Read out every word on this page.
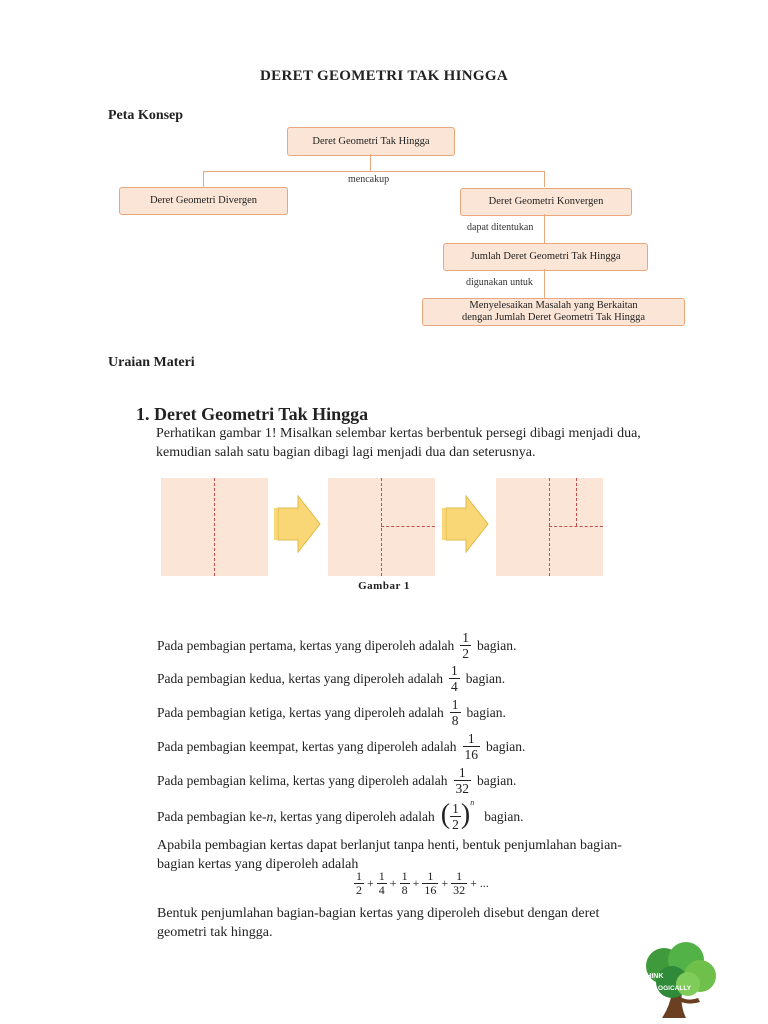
DERET GEOMETRI TAK HINGGA
Peta Konsep
Deret Geometri Tak Hingga
mencakup
Deret Geometri Divergen	Deret Geometri Konvergen
dapat ditentukan
Jumlah Deret Geometri Tak Hingga
digunakan untuk
Menyelesaikan Masalah yang Berkaitan
dengan Jumlah Deret Geometri Tak Hingga
Uraian Materi
1. Deret Geometri Tak Hingga
Perhatikan gambar 1! Misalkan selembar kertas berbentuk persegi dibagi menjadi dua,
kemudian salah satu bagian dibagi lagi menjadi dua dan seterusnya.
Gambar 1
Pada pembagian pertama, kertas yang diperoleh adalah $\frac{1}{2}$ bagian.
Pada pembagian kedua, kertas yang diperoleh adalah $\frac{1}{4}$ bagian.
Pada pembagian ketiga, kertas yang diperoleh adalah $\frac{1}{8}$ bagian.
Pada pembagian keempat, kertas yang diperoleh adalah $\frac{1}{16}$ bagian.
Pada pembagian kelima, kertas yang diperoleh adalah $\frac{1}{32}$ bagian.
Pada pembagian ke- n , kertas yang diperoleh adalah ( $\frac{1}{2}$ ) n
bagian.
Apabila pembagian kertas dapat berlanjut tanpa henti, bentuk penjumlahan bagian-
bagian kertas yang diperoleh adalah
$\frac{1}{2} + \frac{1}{4} + \frac{1}{8} + \frac{1}{16} + \frac{1}{32}$ + ...
Bentuk penjumlahan bagian-bagian kertas yang diperoleh disebut dengan deret
geometri tak hingga.
THINK
ECOLOGICALLY
